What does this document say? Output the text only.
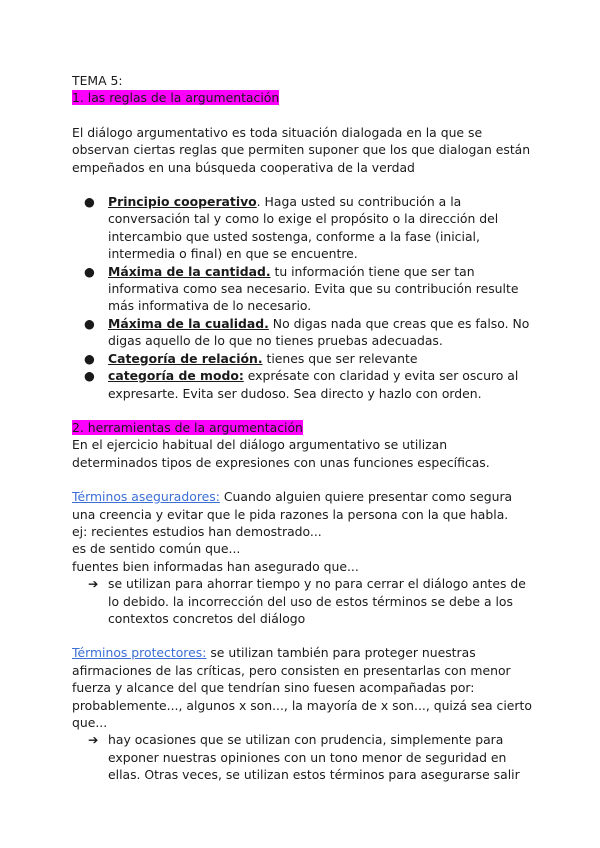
TEMA 5:

1. las reglas de la argumentación

El diálogo argumentativo es toda situación dialogada en la que se observan ciertas reglas que permiten suponer que los que dialogan están empeñados en una búsqueda cooperativa de la verdad

● Principio cooperativo. Haga usted su contribución a la conversación tal y como lo exige el propósito o la dirección del intercambio que usted sostenga, conforme a la fase (inicial, intermedia o final) en que se encuentre.
● Máxima de la cantidad. tu información tiene que ser tan informativa como sea necesario. Evita que su contribución resulte más informativa de lo necesario.
● Máxima de la cualidad. No digas nada que creas que es falso. No digas aquello de lo que no tienes pruebas adecuadas.
● Categoría de relación. tienes que ser relevante
● categoría de modo: exprésate con claridad y evita ser oscuro al expresarte. Evita ser dudoso. Sea directo y hazlo con orden.

2. herramientas de la argumentación

En el ejercicio habitual del diálogo argumentativo se utilizan determinados tipos de expresiones con unas funciones específicas.

Términos aseguradores: Cuando alguien quiere presentar como segura una creencia y evitar que le pida razones la persona con la que habla.

ej: recientes estudios han demostrado...

es de sentido común que...

fuentes bien informadas han asegurado que...

➔ se utilizan para ahorrar tiempo y no para cerrar el diálogo antes de lo debido. la incorrección del uso de estos términos se debe a los contextos concretos del diálogo

Términos protectores: se utilizan también para proteger nuestras afirmaciones de las críticas, pero consisten en presentarlas con menor fuerza y alcance del que tendrían sino fuesen acompañadas por: probablemente..., algunos x son..., la mayoría de x son..., quizá sea cierto que...

➔ hay ocasiones que se utilizan con prudencia, simplemente para exponer nuestras opiniones con un tono menor de seguridad en ellas. Otras veces, se utilizan estos términos para asegurarse salir
